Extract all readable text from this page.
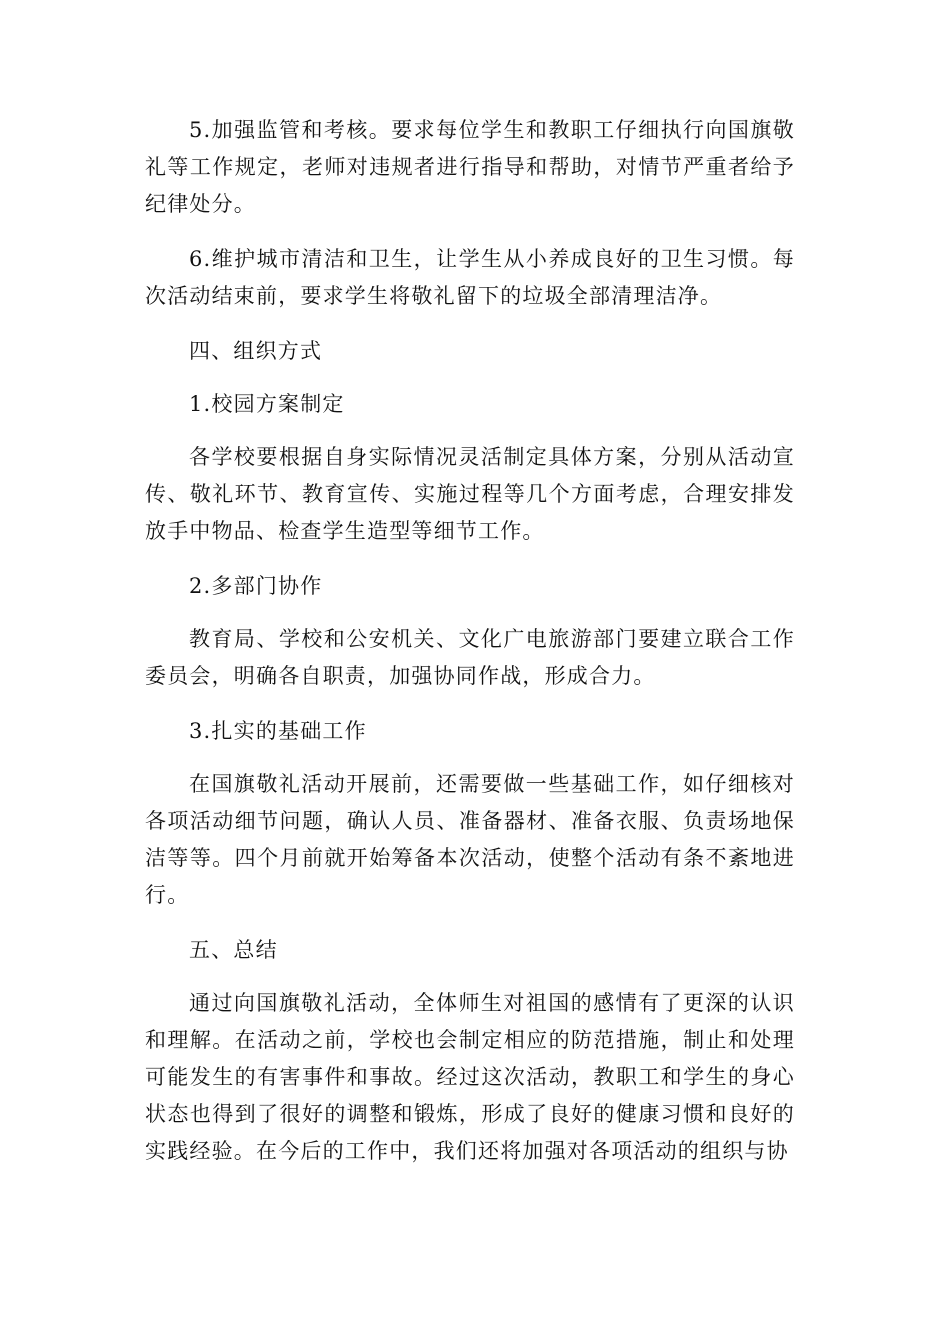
5.加强监管和考核。要求每位学生和教职工仔细执行向国旗敬礼等工作规定，老师对违规者进行指导和帮助，对情节严重者给予纪律处分。

6.维护城市清洁和卫生，让学生从小养成良好的卫生习惯。每次活动结束前，要求学生将敬礼留下的垃圾全部清理洁净。

四、组织方式

1.校园方案制定

各学校要根据自身实际情况灵活制定具体方案，分别从活动宣传、敬礼环节、教育宣传、实施过程等几个方面考虑，合理安排发放手中物品、检查学生造型等细节工作。

2.多部门协作

教育局、学校和公安机关、文化广电旅游部门要建立联合工作委员会，明确各自职责，加强协同作战，形成合力。

3.扎实的基础工作

在国旗敬礼活动开展前，还需要做一些基础工作，如仔细核对各项活动细节问题，确认人员、准备器材、准备衣服、负责场地保洁等等。四个月前就开始筹备本次活动，使整个活动有条不紊地进行。

五、总结

通过向国旗敬礼活动，全体师生对祖国的感情有了更深的认识和理解。在活动之前，学校也会制定相应的防范措施，制止和处理可能发生的有害事件和事故。经过这次活动，教职工和学生的身心状态也得到了很好的调整和锻炼，形成了良好的健康习惯和良好的实践经验。在今后的工作中，我们还将加强对各项活动的组织与协
